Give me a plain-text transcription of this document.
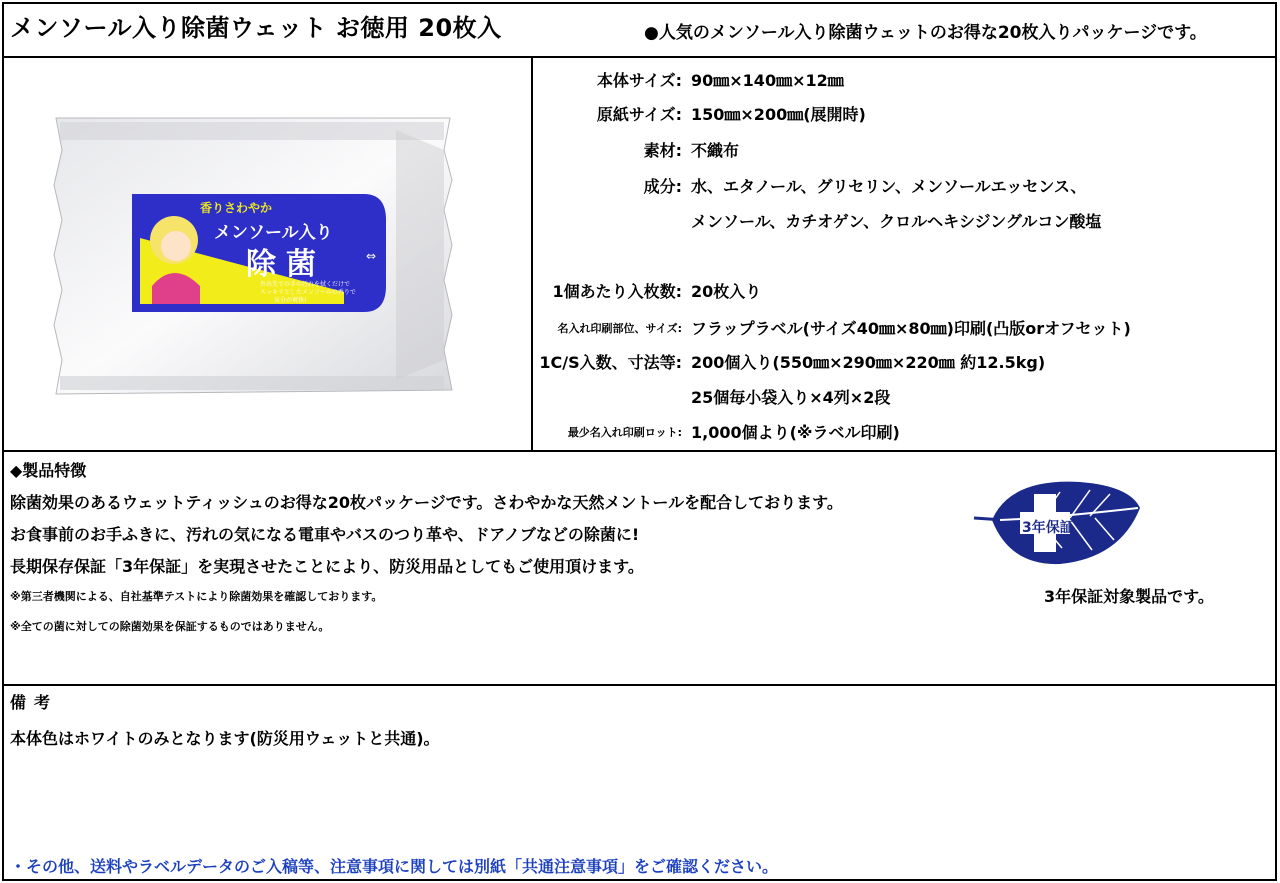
メンソール入り除菌ウェット お徳用 20枚入	●人気のメンソール入り除菌ウェットのお得な20枚入りパッケージです。
香りさわやか
メンソール入り
除菌
外出先での手の汚れを拭くだけで
スッキリとしたメンソールの香りで
気分が爽快!
⇔
本体サイズ: 90㎜×140㎜×12㎜
原紙サイズ: 150㎜×200㎜(展開時)
素材: 不織布
成分: 水、エタノール、グリセリン、メンソールエッセンス、
メンソール、カチオゲン、クロルヘキシジングルコン酸塩
1個あたり入枚数: 20枚入り
名入れ印刷部位、サイズ: フラップラベル(サイズ40㎜×80㎜)印刷(凸版orオフセット)
1C/S入数、寸法等: 200個入り(550㎜×290㎜×220㎜ 約12.5kg)
25個毎小袋入り×4列×2段
最少名入れ印刷ロット: 1,000個より(※ラベル印刷)
◆製品特徴
除菌効果のあるウェットティッシュのお得な20枚パッケージです。さわやかな天然メントールを配合しております。
お食事前のお手ふきに、汚れの気になる電車やバスのつり革や、ドアノブなどの除菌に!
長期保存保証「3年保証」を実現させたことにより、防災用品としてもご使用頂けます。
※第三者機関による、自社基準テストにより除菌効果を確認しております。
※全ての菌に対しての除菌効果を保証するものではありません。
3年保証
3年保証対象製品です。
備考
本体色はホワイトのみとなります(防災用ウェットと共通)。
・その他、送料やラベルデータのご入稿等、注意事項に関しては別紙「共通注意事項」をご確認ください。
